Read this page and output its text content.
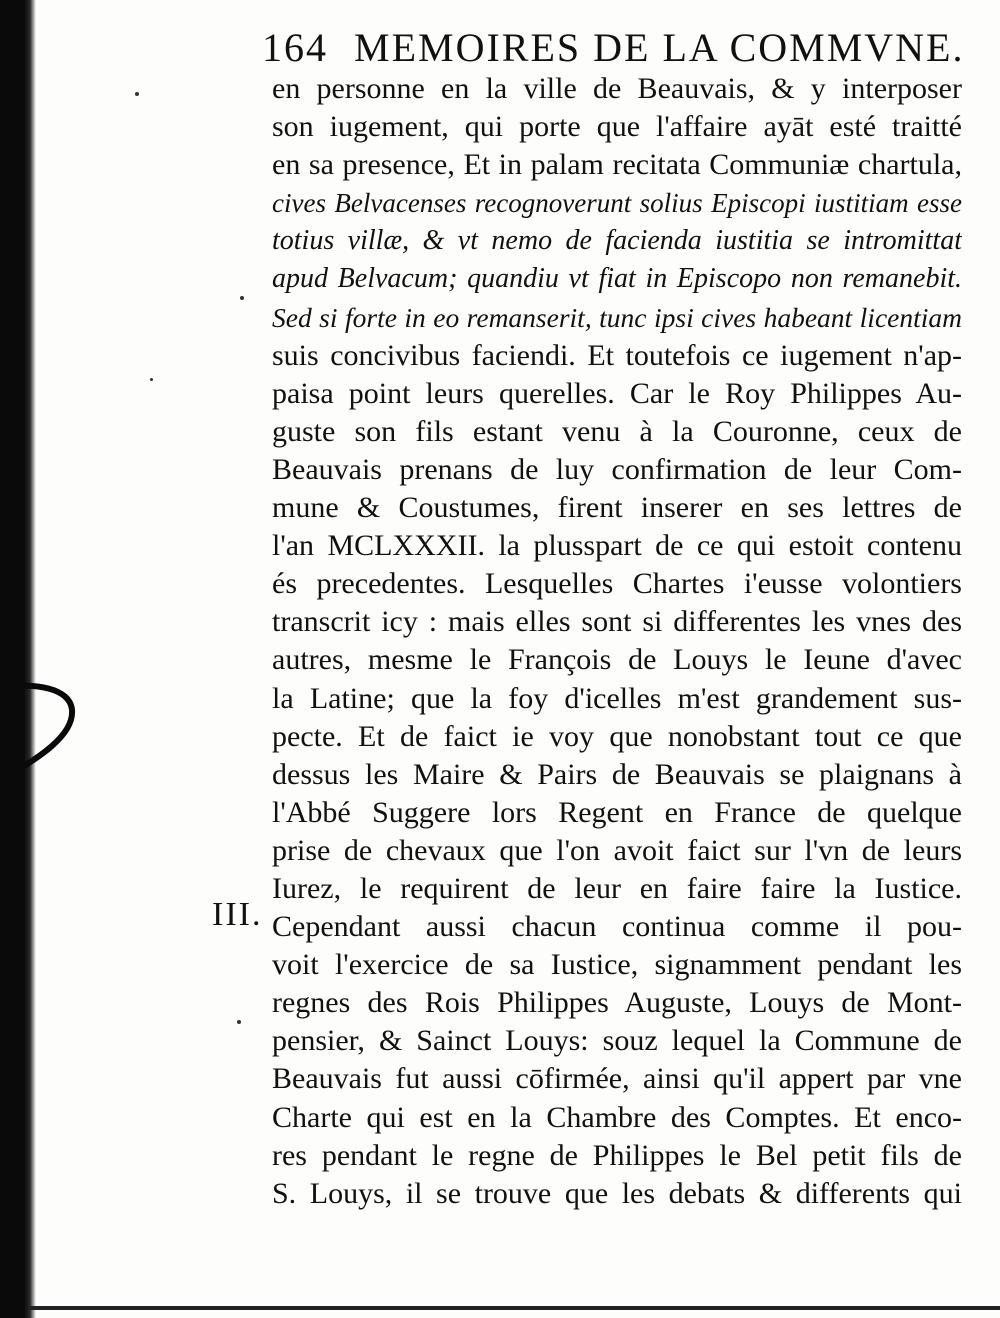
164 MEMOIRES DE LA COMMVNE.
III.
en personne en la ville de Beauvais, & y interposer
son iugement, qui porte que l'affaire ayāt esté traitté
en sa presence, Et in palam recitata Communiæ chartula,
cives Belvacenses recognoverunt solius Episcopi iustitiam esse
totius villæ, & vt nemo de facienda iustitia se intromittat
apud Belvacum; quandiu vt fiat in Episcopo non remanebit.
Sed si forte in eo remanserit, tunc ipsi cives habeant licentiam
suis concivibus faciendi. Et toutefois ce iugement n'ap-
paisa point leurs querelles. Car le Roy Philippes Au-
guste son fils estant venu à la Couronne, ceux de
Beauvais prenans de luy confirmation de leur Com-
mune & Coustumes, firent inserer en ses lettres de
l'an MCLXXXII. la plusspart de ce qui estoit contenu
és precedentes. Lesquelles Chartes i'eusse volontiers
transcrit icy : mais elles sont si differentes les vnes des
autres, mesme le François de Louys le Ieune d'avec
la Latine; que la foy d'icelles m'est grandement sus-
pecte. Et de faict ie voy que nonobstant tout ce que
dessus les Maire & Pairs de Beauvais se plaignans à
l'Abbé Suggere lors Regent en France de quelque
prise de chevaux que l'on avoit faict sur l'vn de leurs
Iurez, le requirent de leur en faire faire la Iustice.
Cependant aussi chacun continua comme il pou-
voit l'exercice de sa Iustice, signamment pendant les
regnes des Rois Philippes Auguste, Louys de Mont-
pensier, & Sainct Louys: souz lequel la Commune de
Beauvais fut aussi cōfirmée, ainsi qu'il appert par vne
Charte qui est en la Chambre des Comptes. Et enco-
res pendant le regne de Philippes le Bel petit fils de
S. Louys, il se trouve que les debats & differents qui
